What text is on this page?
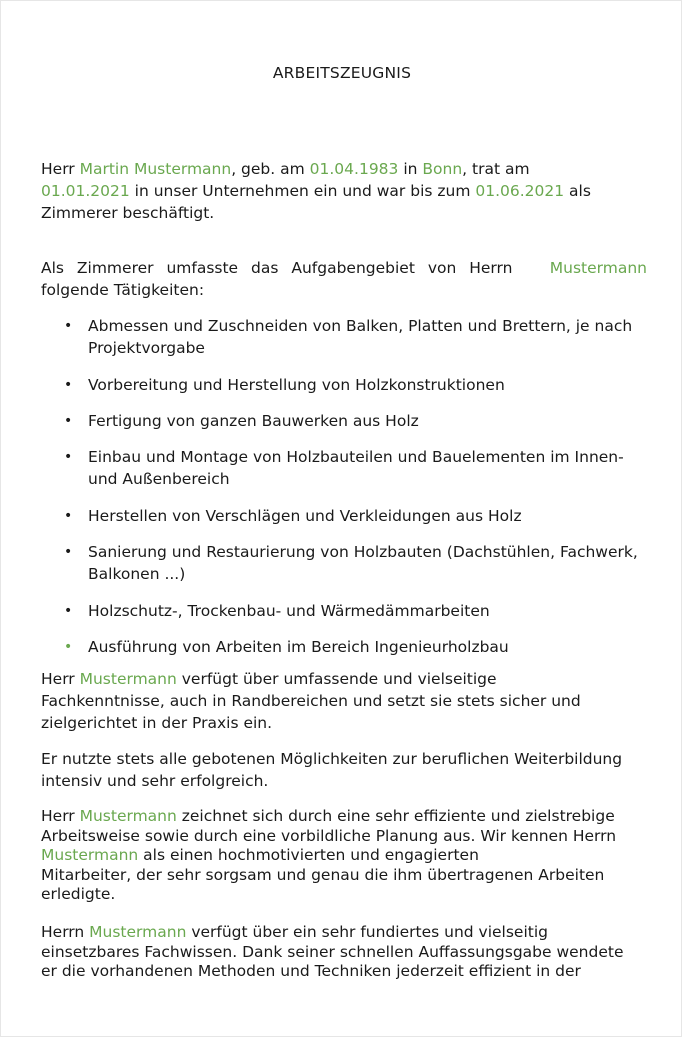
ARBEITSZEUGNIS
Herr Martin Mustermann, geb. am 01.04.1983 in Bonn, trat am
01.01.2021 in unser Unternehmen ein und war bis zum 01.06.2021 als
Zimmerer beschäftigt.
Als Zimmerer umfasste das Aufgabengebiet von Herrn Mustermann
folgende Tätigkeiten:
• Abmessen und Zuschneiden von Balken, Platten und Brettern, je nach Projektvorgabe
• Vorbereitung und Herstellung von Holzkonstruktionen
• Fertigung von ganzen Bauwerken aus Holz
• Einbau und Montage von Holzbauteilen und Bauelementen im Innen- und Außenbereich
• Herstellen von Verschlägen und Verkleidungen aus Holz
• Sanierung und Restaurierung von Holzbauten (Dachstühlen, Fachwerk, Balkonen ...)
• Holzschutz-, Trockenbau- und Wärmedämmarbeiten
• Ausführung von Arbeiten im Bereich Ingenieurholzbau
Herr Mustermann verfügt über umfassende und vielseitige
Fachkenntnisse, auch in Randbereichen und setzt sie stets sicher und
zielgerichtet in der Praxis ein.
Er nutzte stets alle gebotenen Möglichkeiten zur beruflichen Weiterbildung
intensiv und sehr erfolgreich.
Herr Mustermann zeichnet sich durch eine sehr effiziente und zielstrebige
Arbeitsweise sowie durch eine vorbildliche Planung aus. Wir kennen Herrn
Mustermann als einen hochmotivierten und engagierten
Mitarbeiter, der sehr sorgsam und genau die ihm übertragenen Arbeiten
erledigte.
Herrn Mustermann verfügt über ein sehr fundiertes und vielseitig
einsetzbares Fachwissen. Dank seiner schnellen Auffassungsgabe wendete
er die vorhandenen Methoden und Techniken jederzeit effizient in der
